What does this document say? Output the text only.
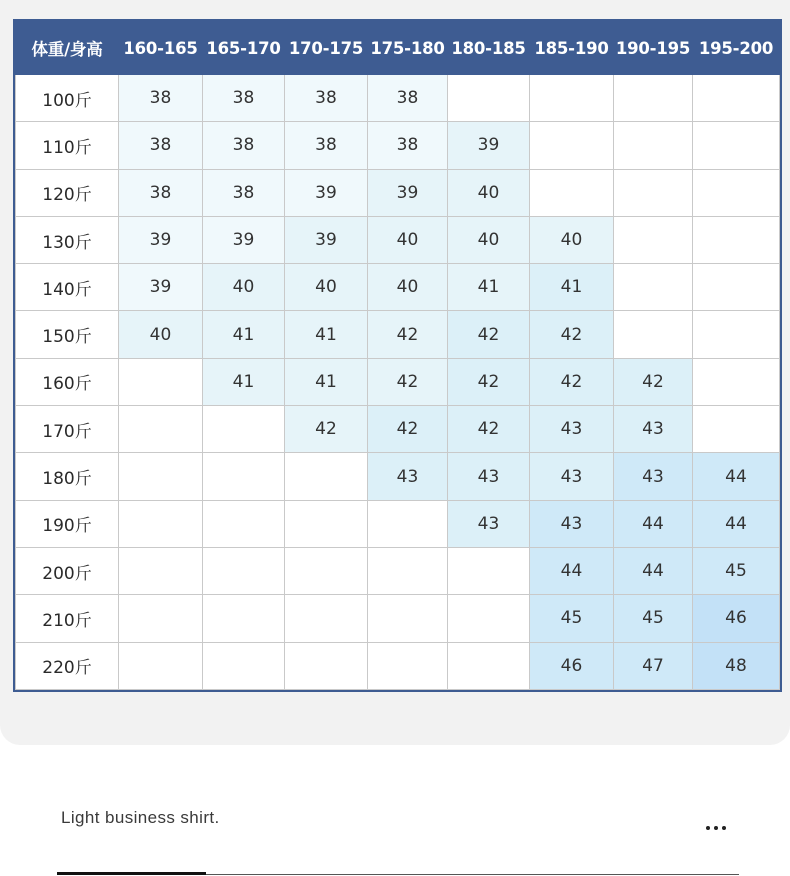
体重/身高	160-165	165-170	170-175	175-180	180-185	185-190	190-195	195-200
100斤	38	38	38	38				
110斤	38	38	38	38	39			
120斤	38	38	39	39	40			
130斤	39	39	39	40	40	40		
140斤	39	40	40	40	41	41		
150斤	40	41	41	42	42	42		
160斤		41	41	42	42	42	42	
170斤			42	42	42	43	43	
180斤				43	43	43	43	44
190斤					43	43	44	44
200斤						44	44	45
210斤						45	45	46
220斤						46	47	48
Light business shirt.
